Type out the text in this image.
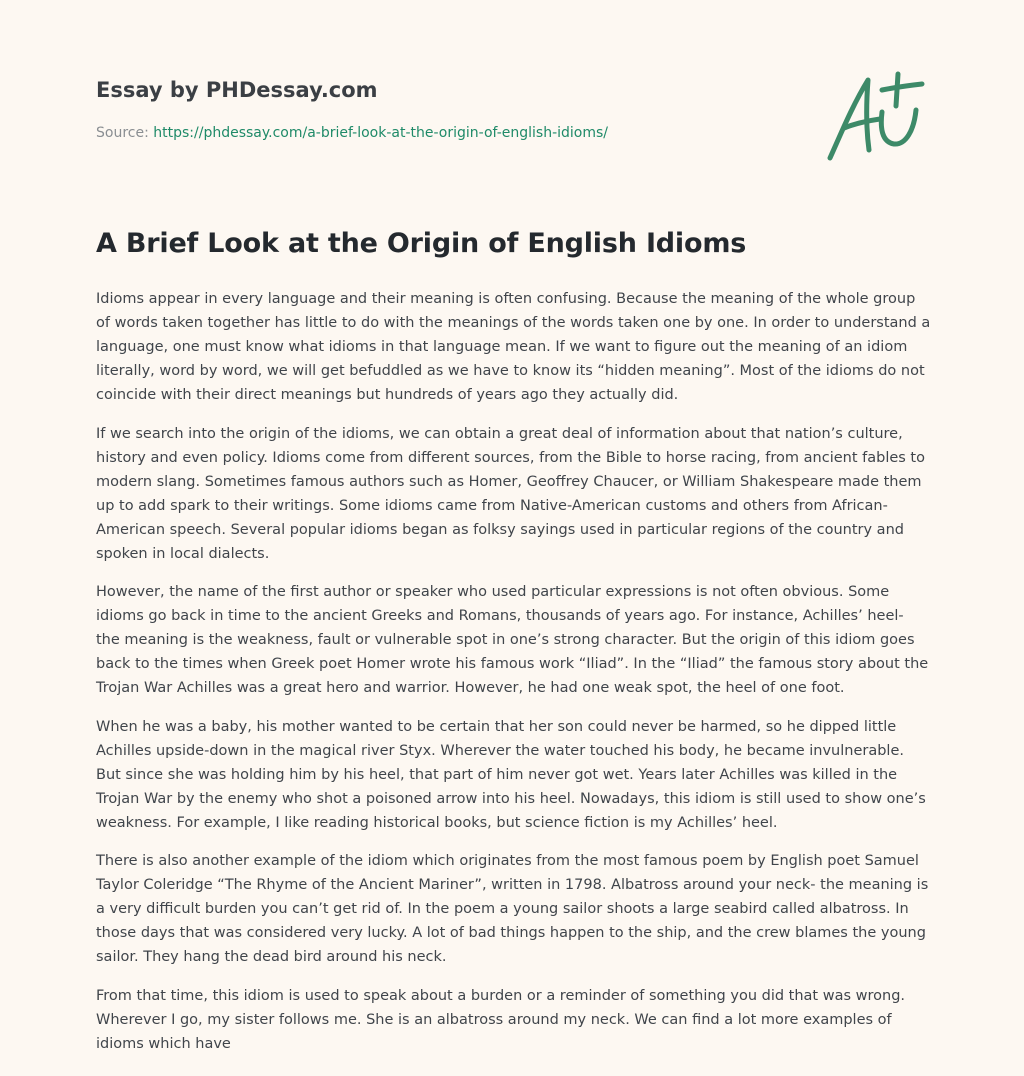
Essay by PHDessay.com
Source: https://phdessay.com/a-brief-look-at-the-origin-of-english-idioms/
A Brief Look at the Origin of English Idioms

Idioms appear in every language and their meaning is often confusing. Because the meaning of the whole group of words taken together has little to do with the meanings of the words taken one by one. In order to understand a language, one must know what idioms in that language mean. If we want to figure out the meaning of an idiom literally, word by word, we will get befuddled as we have to know its “hidden meaning”. Most of the idioms do not coincide with their direct meanings but hundreds of years ago they actually did.

If we search into the origin of the idioms, we can obtain a great deal of information about that nation’s culture, history and even policy. Idioms come from different sources, from the Bible to horse racing, from ancient fables to modern slang. Sometimes famous authors such as Homer, Geoffrey Chaucer, or William Shakespeare made them up to add spark to their writings. Some idioms came from Native-American customs and others from African-American speech. Several popular idioms began as folksy sayings used in particular regions of the country and spoken in local dialects.

However, the name of the first author or speaker who used particular expressions is not often obvious. Some idioms go back in time to the ancient Greeks and Romans, thousands of years ago. For instance, Achilles’ heel- the meaning is the weakness, fault or vulnerable spot in one’s strong character. But the origin of this idiom goes back to the times when Greek poet Homer wrote his famous work “Iliad”. In the “Iliad” the famous story about the Trojan War Achilles was a great hero and warrior. However, he had one weak spot, the heel of one foot.

When he was a baby, his mother wanted to be certain that her son could never be harmed, so he dipped little Achilles upside-down in the magical river Styx. Wherever the water touched his body, he became invulnerable. But since she was holding him by his heel, that part of him never got wet. Years later Achilles was killed in the Trojan War by the enemy who shot a poisoned arrow into his heel. Nowadays, this idiom is still used to show one’s weakness. For example, I like reading historical books, but science fiction is my Achilles’ heel.

There is also another example of the idiom which originates from the most famous poem by English poet Samuel Taylor Coleridge “The Rhyme of the Ancient Mariner”, written in 1798. Albatross around your neck- the meaning is a very difficult burden you can’t get rid of. In the poem a young sailor shoots a large seabird called albatross. In those days that was considered very lucky. A lot of bad things happen to the ship, and the crew blames the young sailor. They hang the dead bird around his neck.

From that time, this idiom is used to speak about a burden or a reminder of something you did that was wrong. Wherever I go, my sister follows me. She is an albatross around my neck. We can find a lot more examples of idioms which have
